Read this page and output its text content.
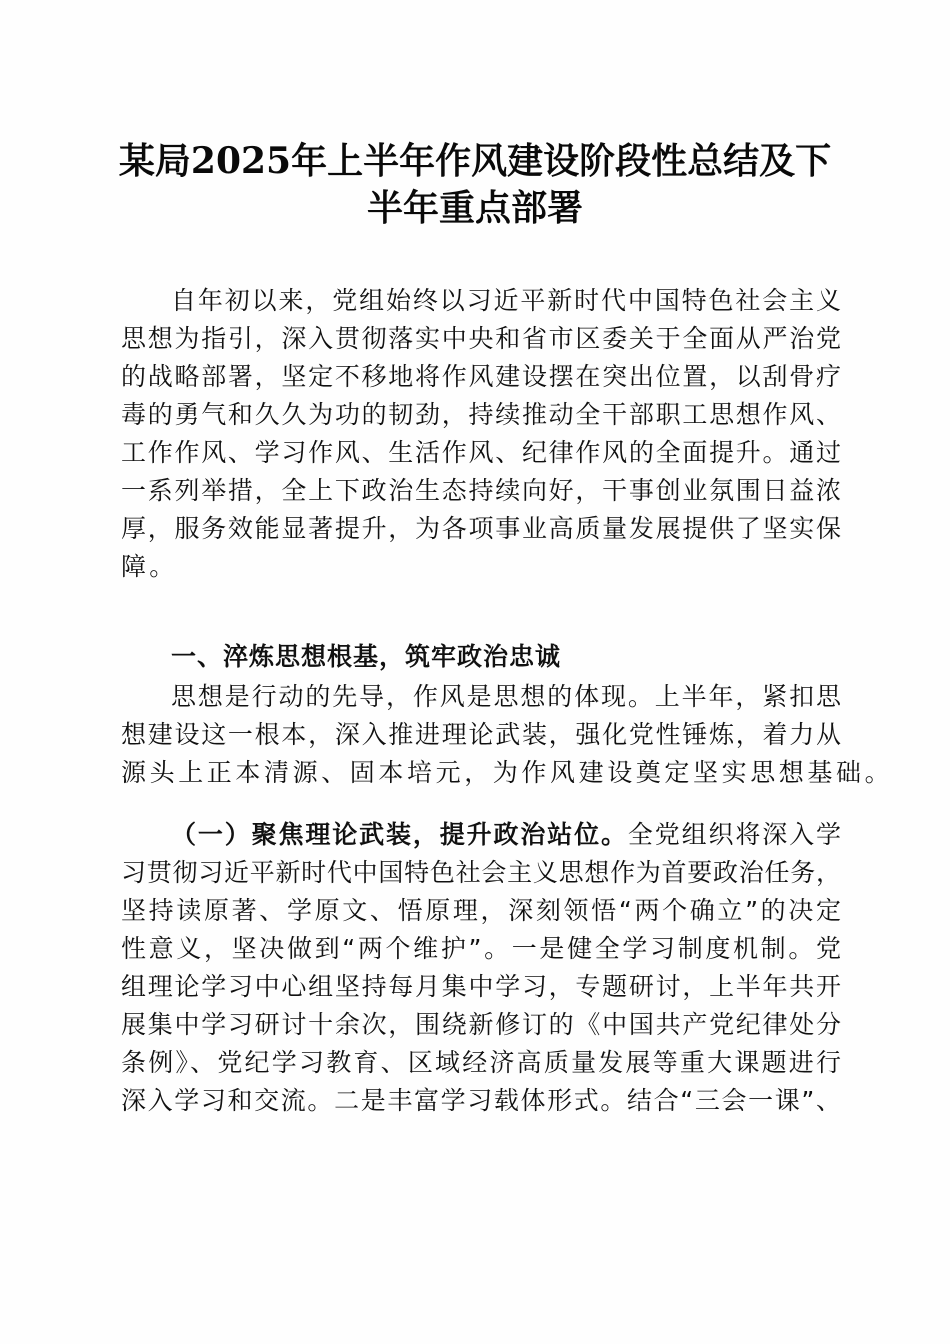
某局2025年上半年作风建设阶段性总结及下
半年重点部署
自年初以来，党组始终以习近平新时代中国特色社会主义
思想为指引，深入贯彻落实中央和省市区委关于全面从严治党
的战略部署，坚定不移地将作风建设摆在突出位置，以刮骨疗
毒的勇气和久久为功的韧劲，持续推动全干部职工思想作风、
工作作风、学习作风、生活作风、纪律作风的全面提升。通过
一系列举措，全上下政治生态持续向好，干事创业氛围日益浓
厚，服务效能显著提升，为各项事业高质量发展提供了坚实保
障。
一、淬炼思想根基，筑牢政治忠诚
思想是行动的先导，作风是思想的体现。上半年，紧扣思
想建设这一根本，深入推进理论武装，强化党性锤炼，着力从
源头上正本清源、固本培元，为作风建设奠定坚实思想基础。
（一）聚焦理论武装，提升政治站位。全党组织将深入学
习贯彻习近平新时代中国特色社会主义思想作为首要政治任务，
坚持读原著、学原文、悟原理，深刻领悟“两个确立”的决定
性意义，坚决做到“两个维护”。一是健全学习制度机制。党
组理论学习中心组坚持每月集中学习，专题研讨，上半年共开
展集中学习研讨十余次，围绕新修订的《中国共产党纪律处分
条例》、党纪学习教育、区域经济高质量发展等重大课题进行
深入学习和交流。二是丰富学习载体形式。结合“三会一课”、
